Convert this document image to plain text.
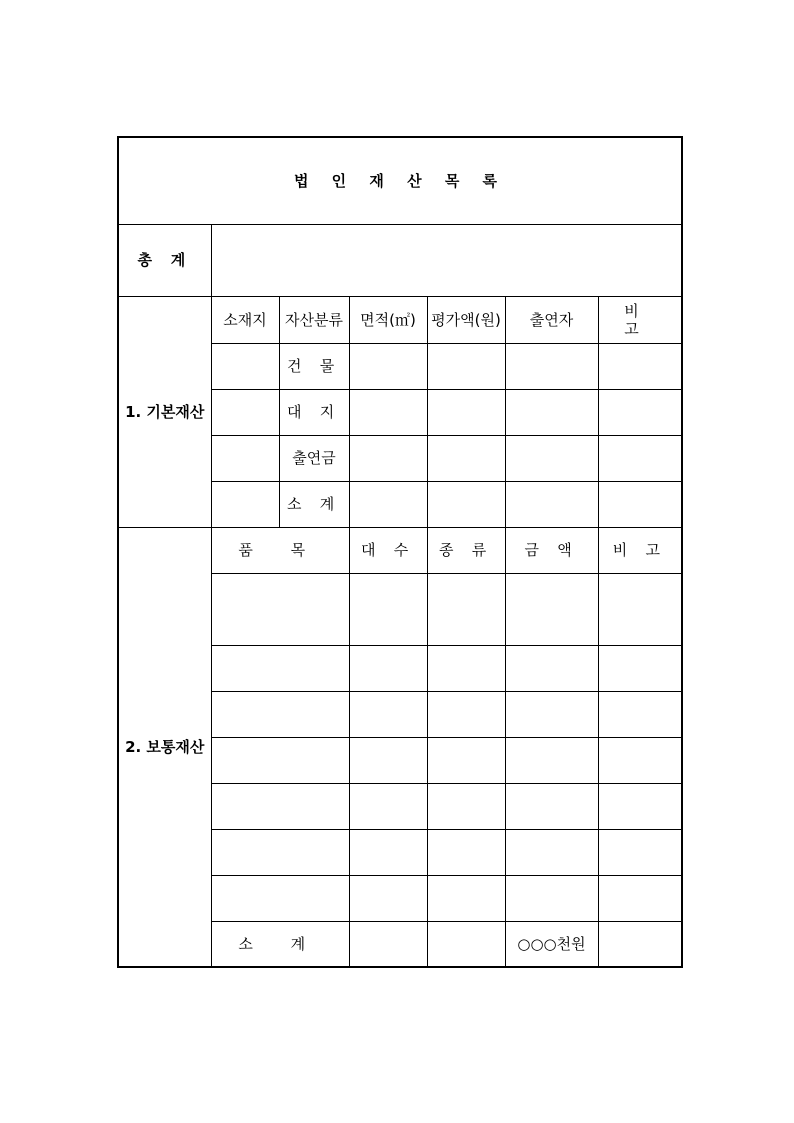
법 인 재 산 목 록						
총 계						
1. 기본재산	소재지	자산분류	면적(㎡)	평가액(원)	출연자	비 고
		건 물				
		대 지				
		출연금				
		소 계				
2. 보통재산	품 목		대 수	종 류	금 액	비 고

	소 계				○○○천원	
